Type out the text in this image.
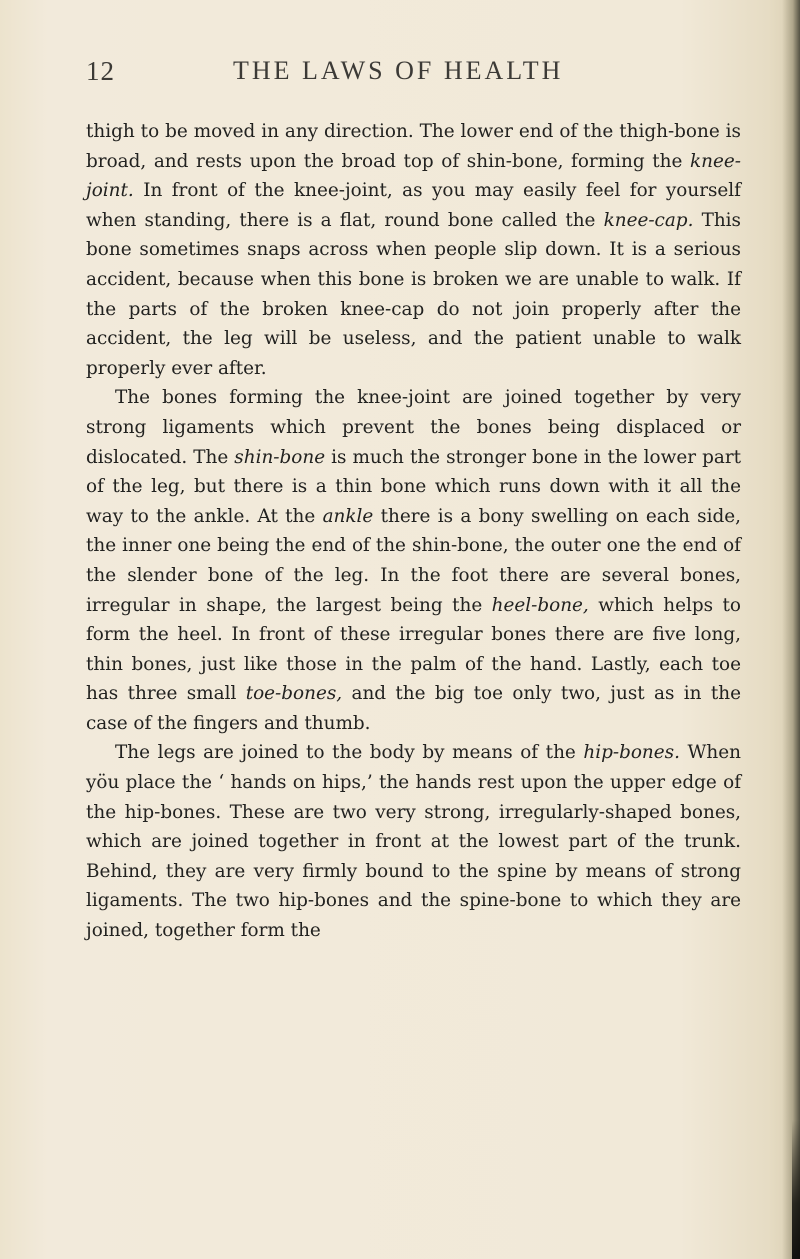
12	THE LAWS OF HEALTH

thigh to be moved in any direction. The lower end of the thigh-bone is broad, and rests upon the broad top of shin-bone, forming the knee-joint. In front of the knee-joint, as you may easily feel for yourself when standing, there is a flat, round bone called the knee-cap. This bone sometimes snaps across when people slip down. It is a serious accident, because when this bone is broken we are unable to walk. If the parts of the broken knee-cap do not join properly after the accident, the leg will be useless, and the patient unable to walk properly ever after.

The bones forming the knee-joint are joined together by very strong ligaments which prevent the bones being displaced or dislocated. The shin-bone is much the stronger bone in the lower part of the leg, but there is a thin bone which runs down with it all the way to the ankle. At the ankle there is a bony swelling on each side, the inner one being the end of the shin-bone, the outer one the end of the slender bone of the leg. In the foot there are several bones, irregular in shape, the largest being the heel-bone, which helps to form the heel. In front of these irregular bones there are five long, thin bones, just like those in the palm of the hand. Lastly, each toe has three small toe-bones, and the big toe only two, just as in the case of the fingers and thumb.

The legs are joined to the body by means of the hip-bones. When yöu place the ‘ hands on hips,’ the hands rest upon the upper edge of the hip-bones. These are two very strong, irregularly-shaped bones, which are joined together in front at the lowest part of the trunk. Behind, they are very firmly bound to the spine by means of strong ligaments. The two hip-bones and the spine-bone to which they are joined, together form the
